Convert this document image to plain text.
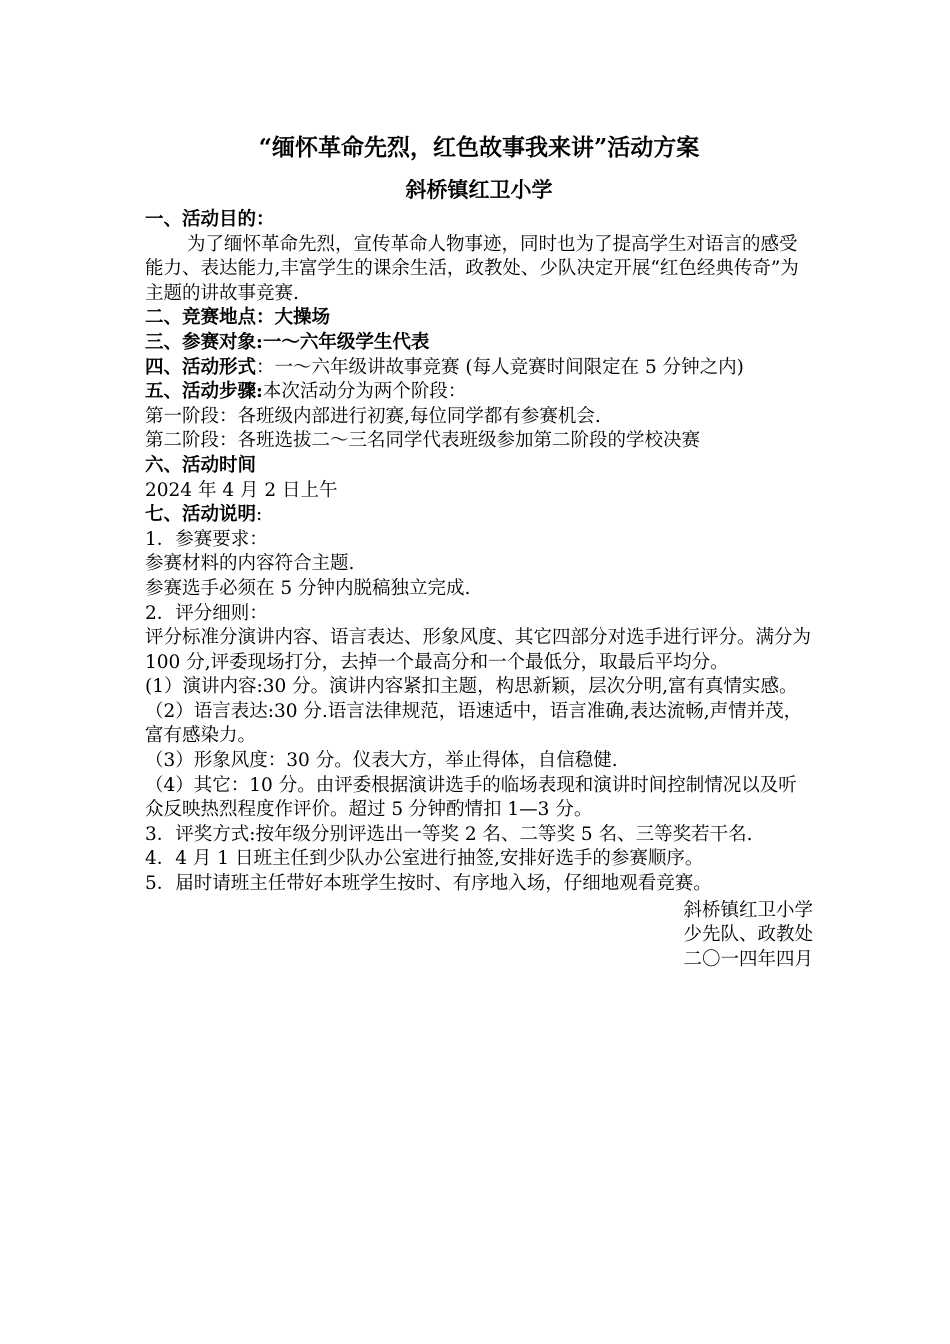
“缅怀革命先烈，红色故事我来讲”活动方案
斜桥镇红卫小学

一、活动目的：

为了缅怀革命先烈，宣传革命人物事迹，同时也为了提高学生对语言的感受能力、表达能力,丰富学生的课余生活，政教处、少队决定开展“红色经典传奇”为主题的讲故事竞赛.

二、竞赛地点：大操场

三、参赛对象:一～六年级学生代表

四、活动形式：一～六年级讲故事竞赛 (每人竞赛时间限定在 5 分钟之内)

五、活动步骤:本次活动分为两个阶段：

第一阶段：各班级内部进行初赛,每位同学都有参赛机会.

第二阶段：各班选拔二～三名同学代表班级参加第二阶段的学校决赛

六、活动时间

2024 年 4 月 2 日上午

七、活动说明:

1．参赛要求：

参赛材料的内容符合主题.

参赛选手必须在 5 分钟内脱稿独立完成.

2．评分细则：

评分标准分演讲内容、语言表达、形象风度、其它四部分对选手进行评分。满分为 100 分,评委现场打分，去掉一个最高分和一个最低分，取最后平均分。

(1）演讲内容:30 分。演讲内容紧扣主题，构思新颖，层次分明,富有真情实感。

（2）语言表达:30 分.语言法律规范，语速适中，语言准确,表达流畅,声情并茂，富有感染力。

（3）形象风度：30 分。仪表大方，举止得体，自信稳健.

（4）其它：10 分。由评委根据演讲选手的临场表现和演讲时间控制情况以及听众反映热烈程度作评价。超过 5 分钟酌情扣 1—3 分。

3．评奖方式:按年级分别评选出一等奖 2 名、二等奖 5 名、三等奖若干名.

4．4 月 1 日班主任到少队办公室进行抽签,安排好选手的参赛顺序。

5．届时请班主任带好本班学生按时、有序地入场，仔细地观看竞赛。

斜桥镇红卫小学

少先队、政教处

二〇一四年四月
